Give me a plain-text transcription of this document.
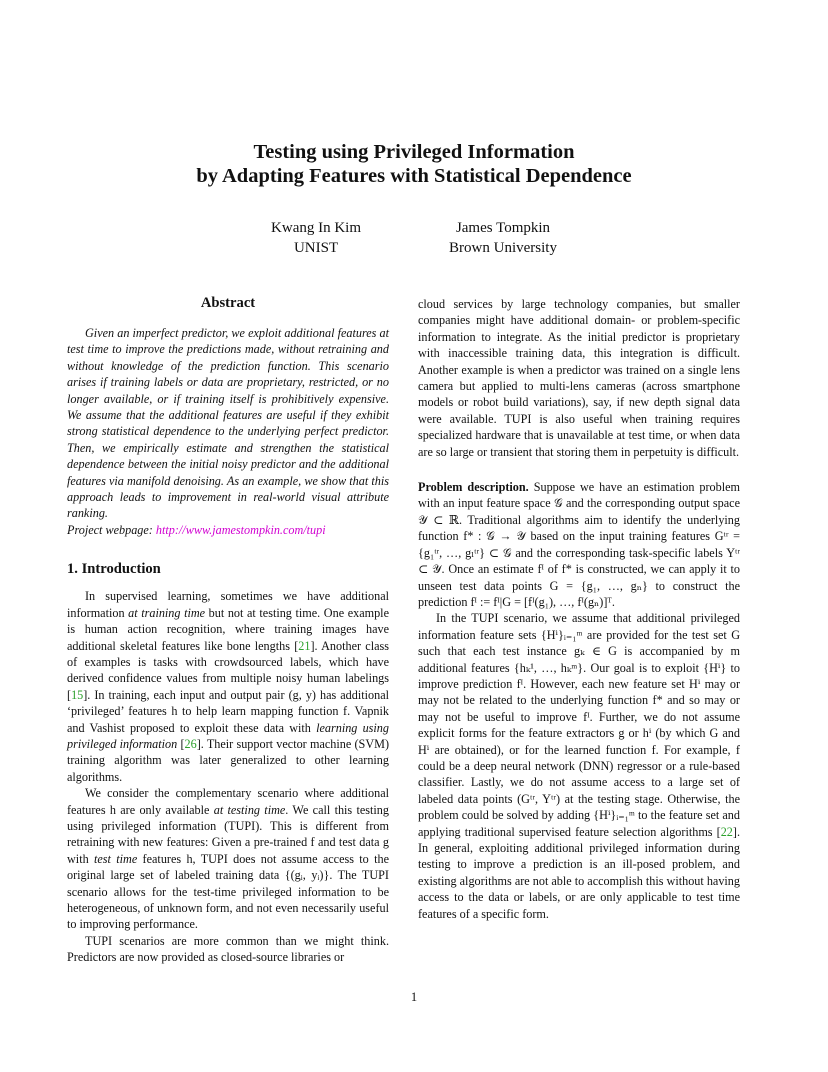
Testing using Privileged Information
by Adapting Features with Statistical Dependence
Kwang In Kim
UNIST
James Tompkin
Brown University
Abstract

Given an imperfect predictor, we exploit additional features at test time to improve the predictions made, without retraining and without knowledge of the prediction function. This scenario arises if training labels or data are proprietary, restricted, or no longer available, or if training itself is prohibitively expensive. We assume that the additional features are useful if they exhibit strong statistical dependence to the underlying perfect predictor. Then, we empirically estimate and strengthen the statistical dependence between the initial noisy predictor and the additional features via manifold denoising. As an example, we show that this approach leads to improvement in real-world visual attribute ranking.

Project webpage: http://www.jamestompkin.com/tupi

1. Introduction

In supervised learning, sometimes we have additional information at training time but not at testing time. One example is human action recognition, where training images have additional skeletal features like bone lengths [21]. Another class of examples is tasks with crowdsourced labels, which have derived confidence values from multiple noisy human labelings [15]. In training, each input and output pair (g, y) has additional ‘privileged’ features h to help learn mapping function f. Vapnik and Vashist proposed to exploit these data with learning using privileged information [26]. Their support vector machine (SVM) training algorithm was later generalized to other learning algorithms.

We consider the complementary scenario where additional features h are only available at testing time. We call this testing using privileged information (TUPI). This is different from retraining with new features: Given a pre-trained f and test data g with test time features h, TUPI does not assume access to the original large set of labeled training data {(gᵢ, yᵢ)}. The TUPI scenario allows for the test-time privileged information to be heterogeneous, of unknown form, and not even necessarily useful to improving performance.

TUPI scenarios are more common than we might think. Predictors are now provided as closed-source libraries or

cloud services by large technology companies, but smaller companies might have additional domain- or problem-specific information to integrate. As the initial predictor is proprietary with inaccessible training data, this integration is difficult. Another example is when a predictor was trained on a single lens camera but applied to multi-lens cameras (across smartphone models or robot build variations), say, if new depth signal data were available. TUPI is also useful when training requires specialized hardware that is unavailable at test time, or when data are so large or transient that storing them in perpetuity is difficult.

Problem description. Suppose we have an estimation problem with an input feature space 𝒢 and the corresponding output space 𝒴 ⊂ ℝ. Traditional algorithms aim to identify the underlying function f* : 𝒢 → 𝒴 based on the input training features Gᵗʳ = {g₁ᵗʳ, …, gₗᵗʳ} ⊂ 𝒢 and the corresponding task-specific labels Yᵗʳ ⊂ 𝒴. Once an estimate fᴵ of f* is constructed, we can apply it to unseen test data points G = {g₁, …, gₙ} to construct the prediction fᴵ := fᴵ|G = [fᴵ(g₁), …, fᴵ(gₙ)]ᵀ.

In the TUPI scenario, we assume that additional privileged information feature sets {Hⁱ}ᵢ₌₁ᵐ are provided for the test set G such that each test instance gₖ ∈ G is accompanied by m additional features {hₖ¹, …, hₖᵐ}. Our goal is to exploit {Hⁱ} to improve prediction fᴵ. However, each new feature set Hⁱ may or may not be related to the underlying function f* and so may or may not be useful to improve fᴵ. Further, we do not assume explicit forms for the feature extractors g or hⁱ (by which G and Hⁱ are obtained), or for the learned function f. For example, f could be a deep neural network (DNN) regressor or a rule-based classifier. Lastly, we do not assume access to a large set of labeled data points (Gᵗʳ, Yᵗʳ) at the testing stage. Otherwise, the problem could be solved by adding {Hⁱ}ᵢ₌₁ᵐ to the feature set and applying traditional supervised feature selection algorithms [22]. In general, exploiting additional privileged information during testing to improve a prediction is an ill-posed problem, and existing algorithms are not able to accomplish this without having access to the data or labels, or are only applicable to test time features of a specific form.

1
